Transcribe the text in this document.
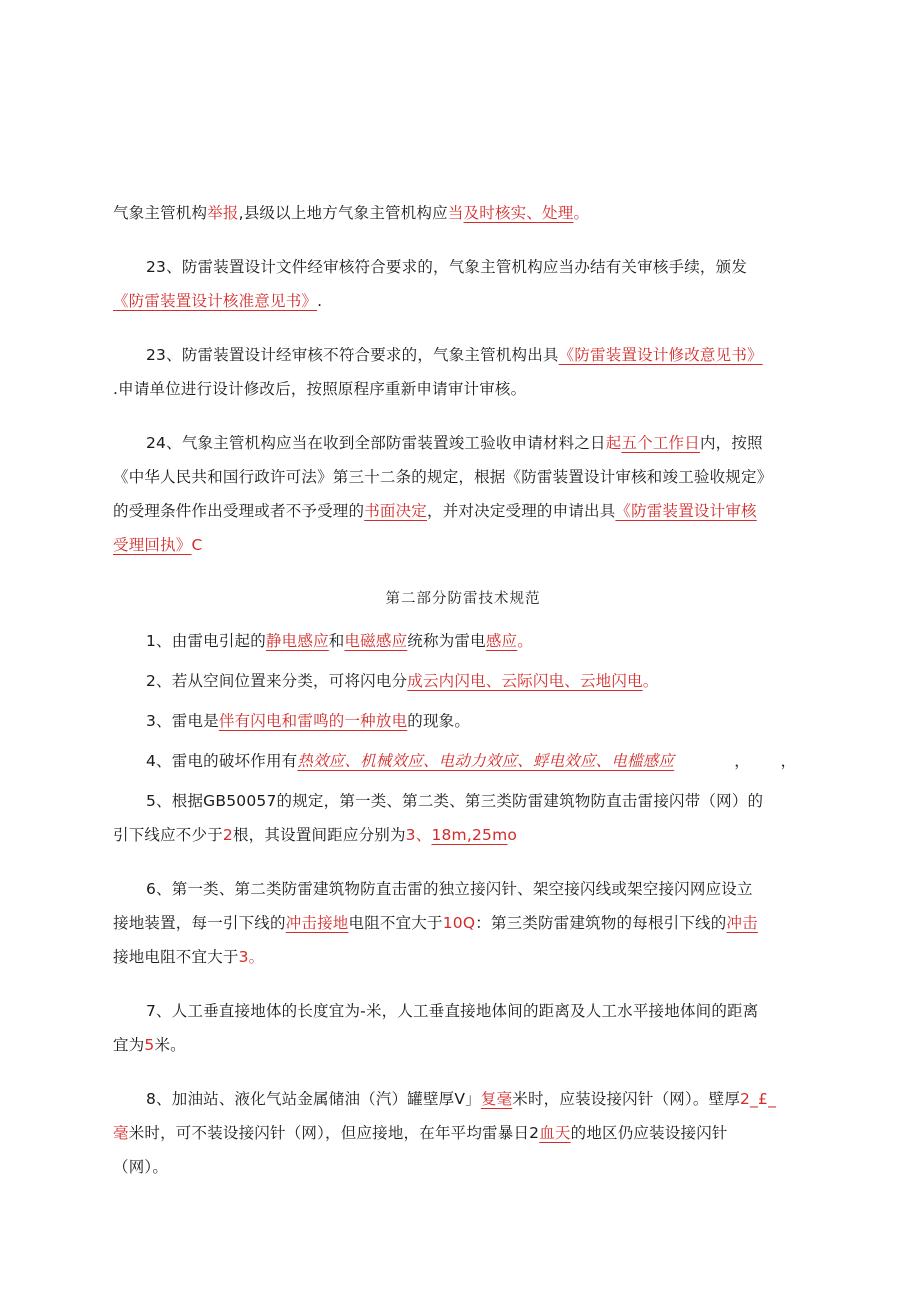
气象主管机构举报,县级以上地方气象主管机构应当及时核实、处理。
23、防雷装置设计文件经审核符合要求的，气象主管机构应当办结有关审核手续，颁发
《防雷装置设计核准意见书》.
23、防雷装置设计经审核不符合要求的，气象主管机构出具《防雷装置设计修改意见书》
.申请单位进行设计修改后，按照原程序重新申请审计审核。
24、气象主管机构应当在收到全部防雷装置竣工验收申请材料之日起五个工作日内，按照
《中华人民共和国行政许可法》第三十二条的规定，根据《防雷装置设计审核和竣工验收规定》
的受理条件作出受理或者不予受理的书面决定，并对决定受理的申请出具《防雷装置设计审核
受理回执》C
第二部分防雷技术规范
1、由雷电引起的静电感应和电磁感应统称为雷电感应。
2、若从空间位置来分类，可将闪电分成云内闪电、云际闪电、云地闪电。
3、雷电是伴有闪电和雷鸣的一种放电的现象。
4、雷电的破坏作用有热效应、机械效应、电动力效应、蜉电效应、电槛感应	， ，
5、根据GB50057的规定，第一类、第二类、第三类防雷建筑物防直击雷接闪带（网）的
引下线应不少于2根，其设置间距应分别为3、18m,25mo
6、第一类、第二类防雷建筑物防直击雷的独立接闪针、架空接闪线或架空接闪网应设立
接地装置，每一引下线的冲击接地电阻不宜大于10Q：第三类防雷建筑物的每根引下线的冲击
接地电阻不宜大于3。
7、人工垂直接地体的长度宜为-米，人工垂直接地体间的距离及人工水平接地体间的距离
宜为5米。
8、加油站、液化气站金属储油（汽）罐壁厚V」复毫米时，应装设接闪针（网）。壁厚2_£_
毫米时，可不装设接闪针（网），但应接地，在年平均雷暴日2血天的地区仍应装设接闪针
（网）。
